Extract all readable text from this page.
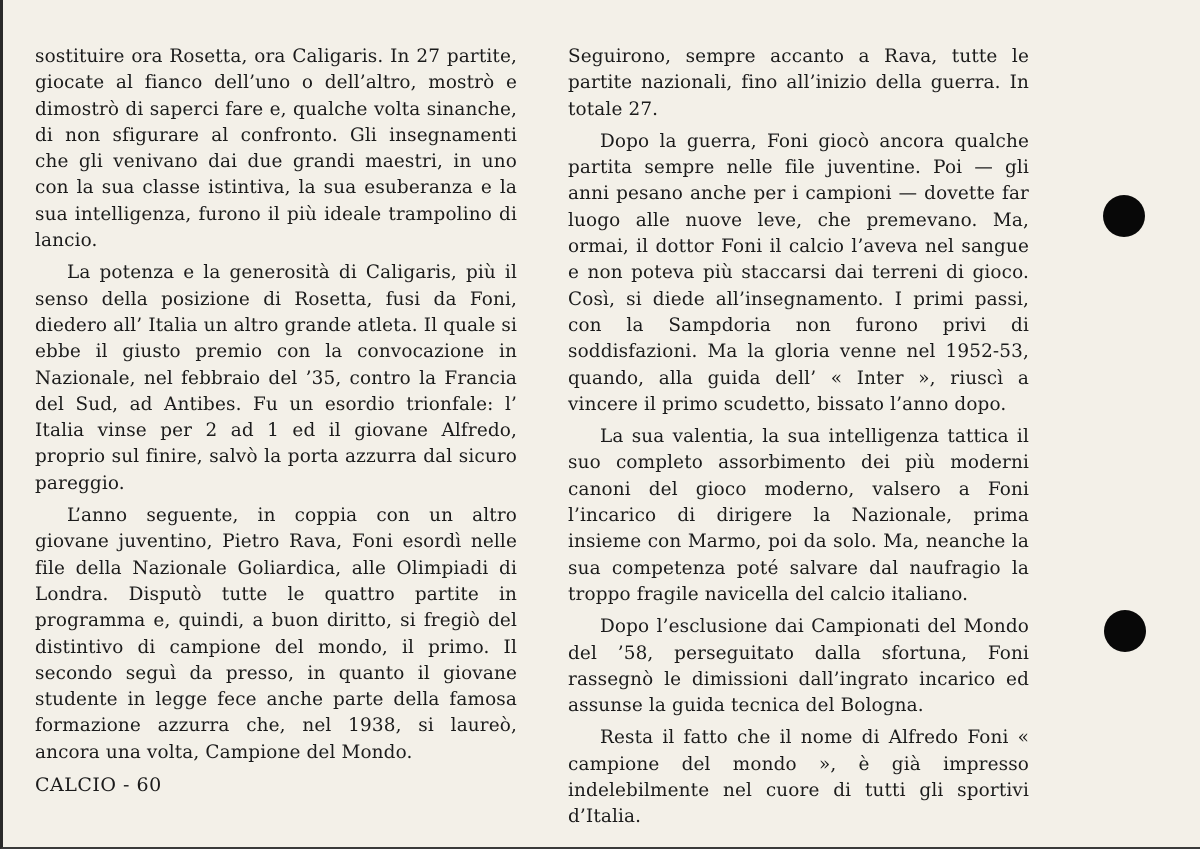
sostituire ora Rosetta, ora Caligaris. In 27 partite, giocate al fianco dell’uno o dell’altro, mostrò e dimostrò di saperci fare e, qualche volta sinanche, di non sfigurare al confronto. Gli insegnamenti che gli venivano dai due grandi maestri, in uno con la sua classe istintiva, la sua esuberanza e la sua intelligenza, furono il più ideale trampolino di lancio.

La potenza e la generosità di Caligaris, più il senso della posizione di Rosetta, fusi da Foni, diedero all’ Italia un altro grande atleta. Il quale si ebbe il giusto premio con la convocazione in Nazionale, nel febbraio del ’35, contro la Francia del Sud, ad Antibes. Fu un esordio trionfale: l’ Italia vinse per 2 ad 1 ed il giovane Alfredo, proprio sul finire, salvò la porta azzurra dal sicuro pareggio.

L’anno seguente, in coppia con un altro giovane juventino, Pietro Rava, Foni esordì nelle file della Nazionale Goliardica, alle Olimpiadi di Londra. Disputò tutte le quattro partite in programma e, quindi, a buon diritto, si fregiò del distintivo di campione del mondo, il primo. Il secondo seguì da presso, in quanto il giovane studente in legge fece anche parte della famosa formazione azzurra che, nel 1938, si laureò, ancora una volta, Campione del Mondo.

Seguirono, sempre accanto a Rava, tutte le partite nazionali, fino all’inizio della guerra. In totale 27.

Dopo la guerra, Foni giocò ancora qualche partita sempre nelle file juventine. Poi — gli anni pesano anche per i campioni — dovette far luogo alle nuove leve, che premevano. Ma, ormai, il dottor Foni il calcio l’aveva nel sangue e non poteva più staccarsi dai terreni di gioco. Così, si diede all’insegnamento. I primi passi, con la Sampdoria non furono privi di soddisfazioni. Ma la gloria venne nel 1952-53, quando, alla guida dell’ « Inter », riuscì a vincere il primo scudetto, bissato l’anno dopo.

La sua valentia, la sua intelligenza tattica il suo completo assorbimento dei più moderni canoni del gioco moderno, valsero a Foni l’incarico di dirigere la Nazionale, prima insieme con Marmo, poi da solo. Ma, neanche la sua competenza poté salvare dal naufragio la troppo fragile navicella del calcio italiano.

Dopo l’esclusione dai Campionati del Mondo del ’58, perseguitato dalla sfortuna, Foni rassegnò le dimissioni dall’ingrato incarico ed assunse la guida tecnica del Bologna.

Resta il fatto che il nome di Alfredo Foni « campione del mondo », è già impresso indelebilmente nel cuore di tutti gli sportivi d’Italia.

CALCIO - 60
